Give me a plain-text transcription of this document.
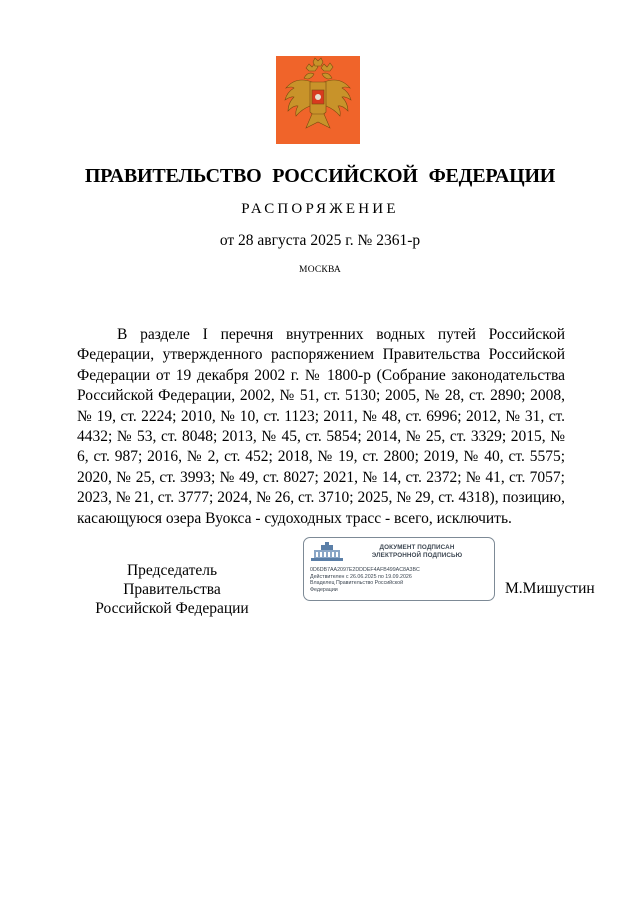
ПРАВИТЕЛЬСТВО РОССИЙСКОЙ ФЕДЕРАЦИИ
РАСПОРЯЖЕНИЕ
от 28 августа 2025 г. № 2361-р
МОСКВА

В разделе I перечня внутренних водных путей Российской Федерации, утвержденного распоряжением Правительства Российской Федерации от 19 декабря 2002 г. № 1800-р (Собрание законодательства Российской Федерации, 2002, № 51, ст. 5130; 2005, № 28, ст. 2890; 2008, № 19, ст. 2224; 2010, № 10, ст. 1123; 2011, № 48, ст. 6996; 2012, № 31, ст. 4432; № 53, ст. 8048; 2013, № 45, ст. 5854; 2014, № 25, ст. 3329; 2015, № 6, ст. 987; 2016, № 2, ст. 452; 2018, № 19, ст. 2800; 2019, № 40, ст. 5575; 2020, № 25, ст. 3993; № 49, ст. 8027; 2021, № 14, ст. 2372; № 41, ст. 7057; 2023, № 21, ст. 3777; 2024, № 26, ст. 3710; 2025, № 29, ст. 4318), позицию, касающуюся озера Вуокса - судоходных трасс - всего, исключить.

Председатель Правительства
Российской Федерации
ДОКУМЕНТ ПОДПИСАН
ЭЛЕКТРОННОЙ ПОДПИСЬЮ
0D6DB7AA2097E2DDDEF4AFB499AC8A3BC
Действителен с 26.06.2025 по 19.09.2026
Владелец Правительство Российской
Федерации	М.Мишустин
